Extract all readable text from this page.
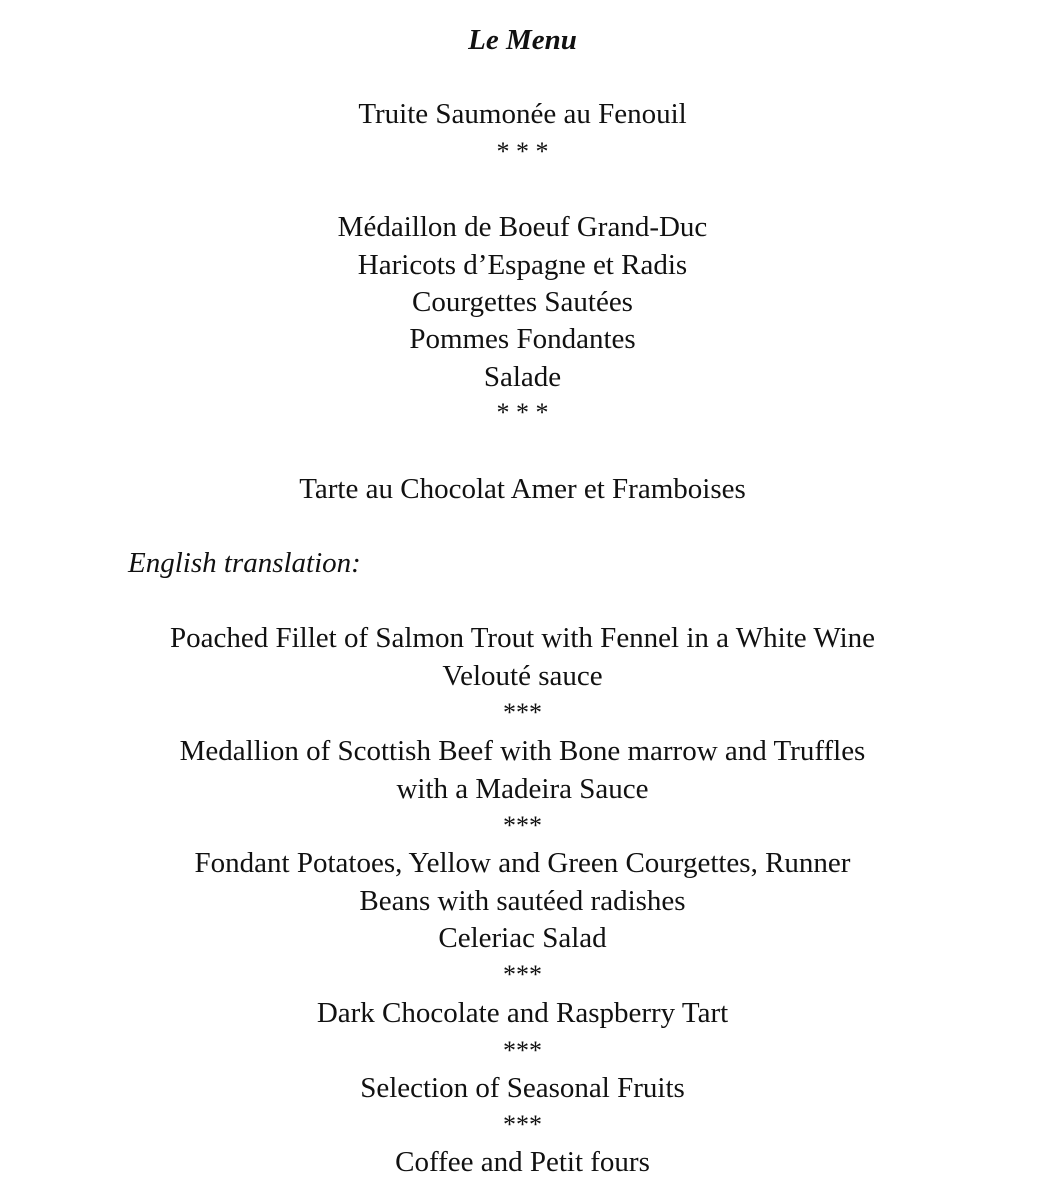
Le Menu
Truite Saumonée au Fenouil
* * *
Médaillon de Boeuf Grand-Duc
Haricots d’Espagne et Radis
Courgettes Sautées
Pommes Fondantes
Salade
* * *
Tarte au Chocolat Amer et Framboises
English translation:
Poached Fillet of Salmon Trout with Fennel in a White Wine
Velouté sauce
***
Medallion of Scottish Beef with Bone marrow and Truffles
with a Madeira Sauce
***
Fondant Potatoes, Yellow and Green Courgettes, Runner
Beans with sautéed radishes
Celeriac Salad
***
Dark Chocolate and Raspberry Tart
***
Selection of Seasonal Fruits
***
Coffee and Petit fours
